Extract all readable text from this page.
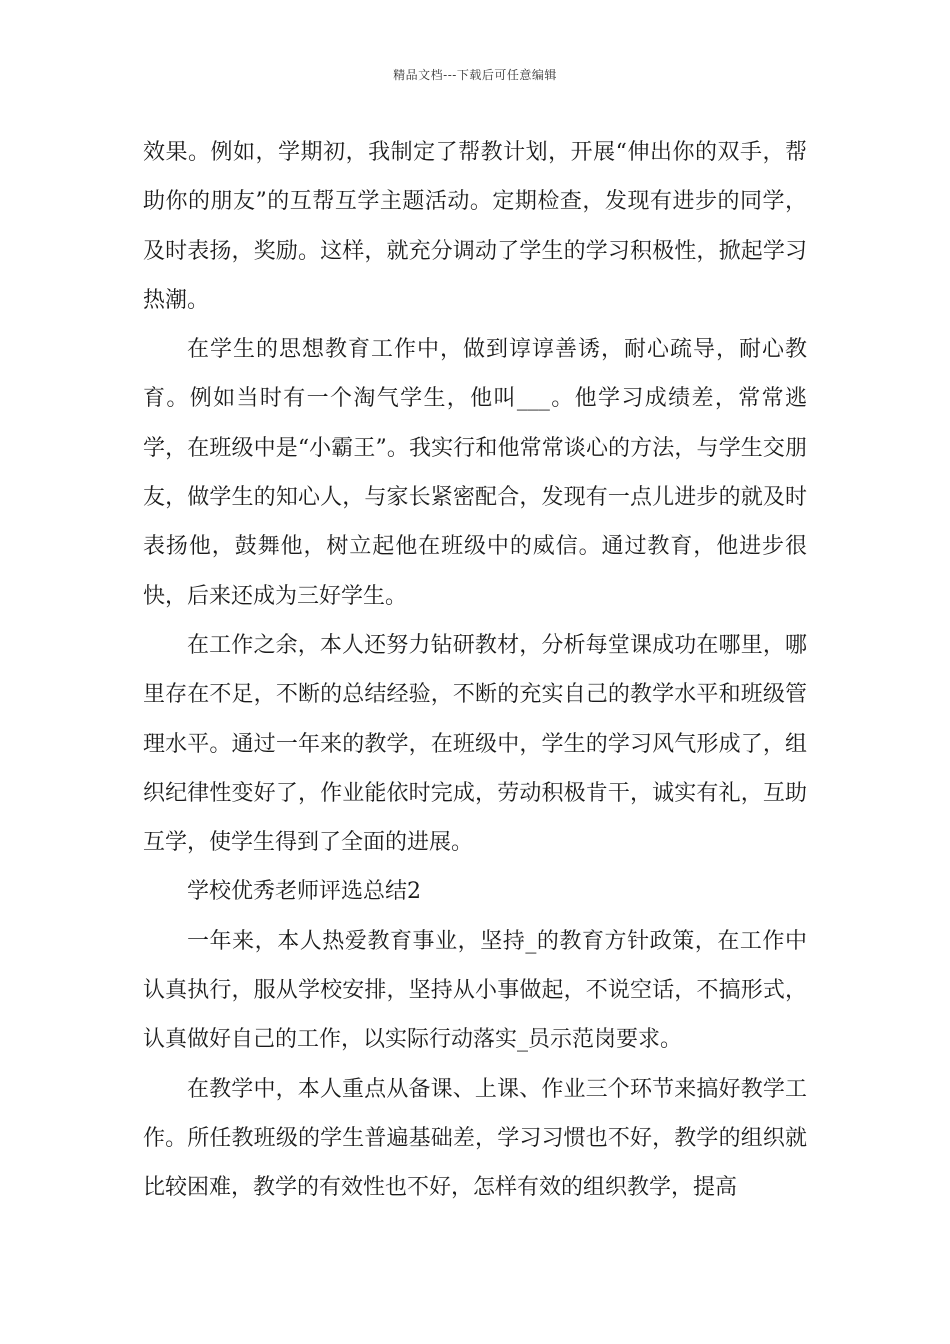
精品文档---下载后可任意编辑

效果。例如，学期初，我制定了帮教计划，开展“伸出你的双手，帮助你的朋友”的互帮互学主题活动。定期检查，发现有进步的同学，及时表扬，奖励。这样，就充分调动了学生的学习积极性，掀起学习热潮。

在学生的思想教育工作中，做到谆谆善诱，耐心疏导，耐心教育。例如当时有一个淘气学生，他叫___。他学习成绩差，常常逃学，在班级中是“小霸王”。我实行和他常常谈心的方法，与学生交朋友，做学生的知心人，与家长紧密配合，发现有一点儿进步的就及时表扬他，鼓舞他，树立起他在班级中的威信。通过教育，他进步很快，后来还成为三好学生。

在工作之余，本人还努力钻研教材，分析每堂课成功在哪里，哪里存在不足，不断的总结经验，不断的充实自己的教学水平和班级管理水平。通过一年来的教学，在班级中，学生的学习风气形成了，组织纪律性变好了，作业能依时完成，劳动积极肯干，诚实有礼，互助互学，使学生得到了全面的进展。

学校优秀老师评选总结2

一年来，本人热爱教育事业，坚持_的教育方针政策，在工作中认真执行，服从学校安排，坚持从小事做起，不说空话，不搞形式，认真做好自己的工作，以实际行动落实_员示范岗要求。

在教学中，本人重点从备课、上课、作业三个环节来搞好教学工作。所任教班级的学生普遍基础差，学习习惯也不好，教学的组织就比较困难，教学的有效性也不好，怎样有效的组织教学，提高
